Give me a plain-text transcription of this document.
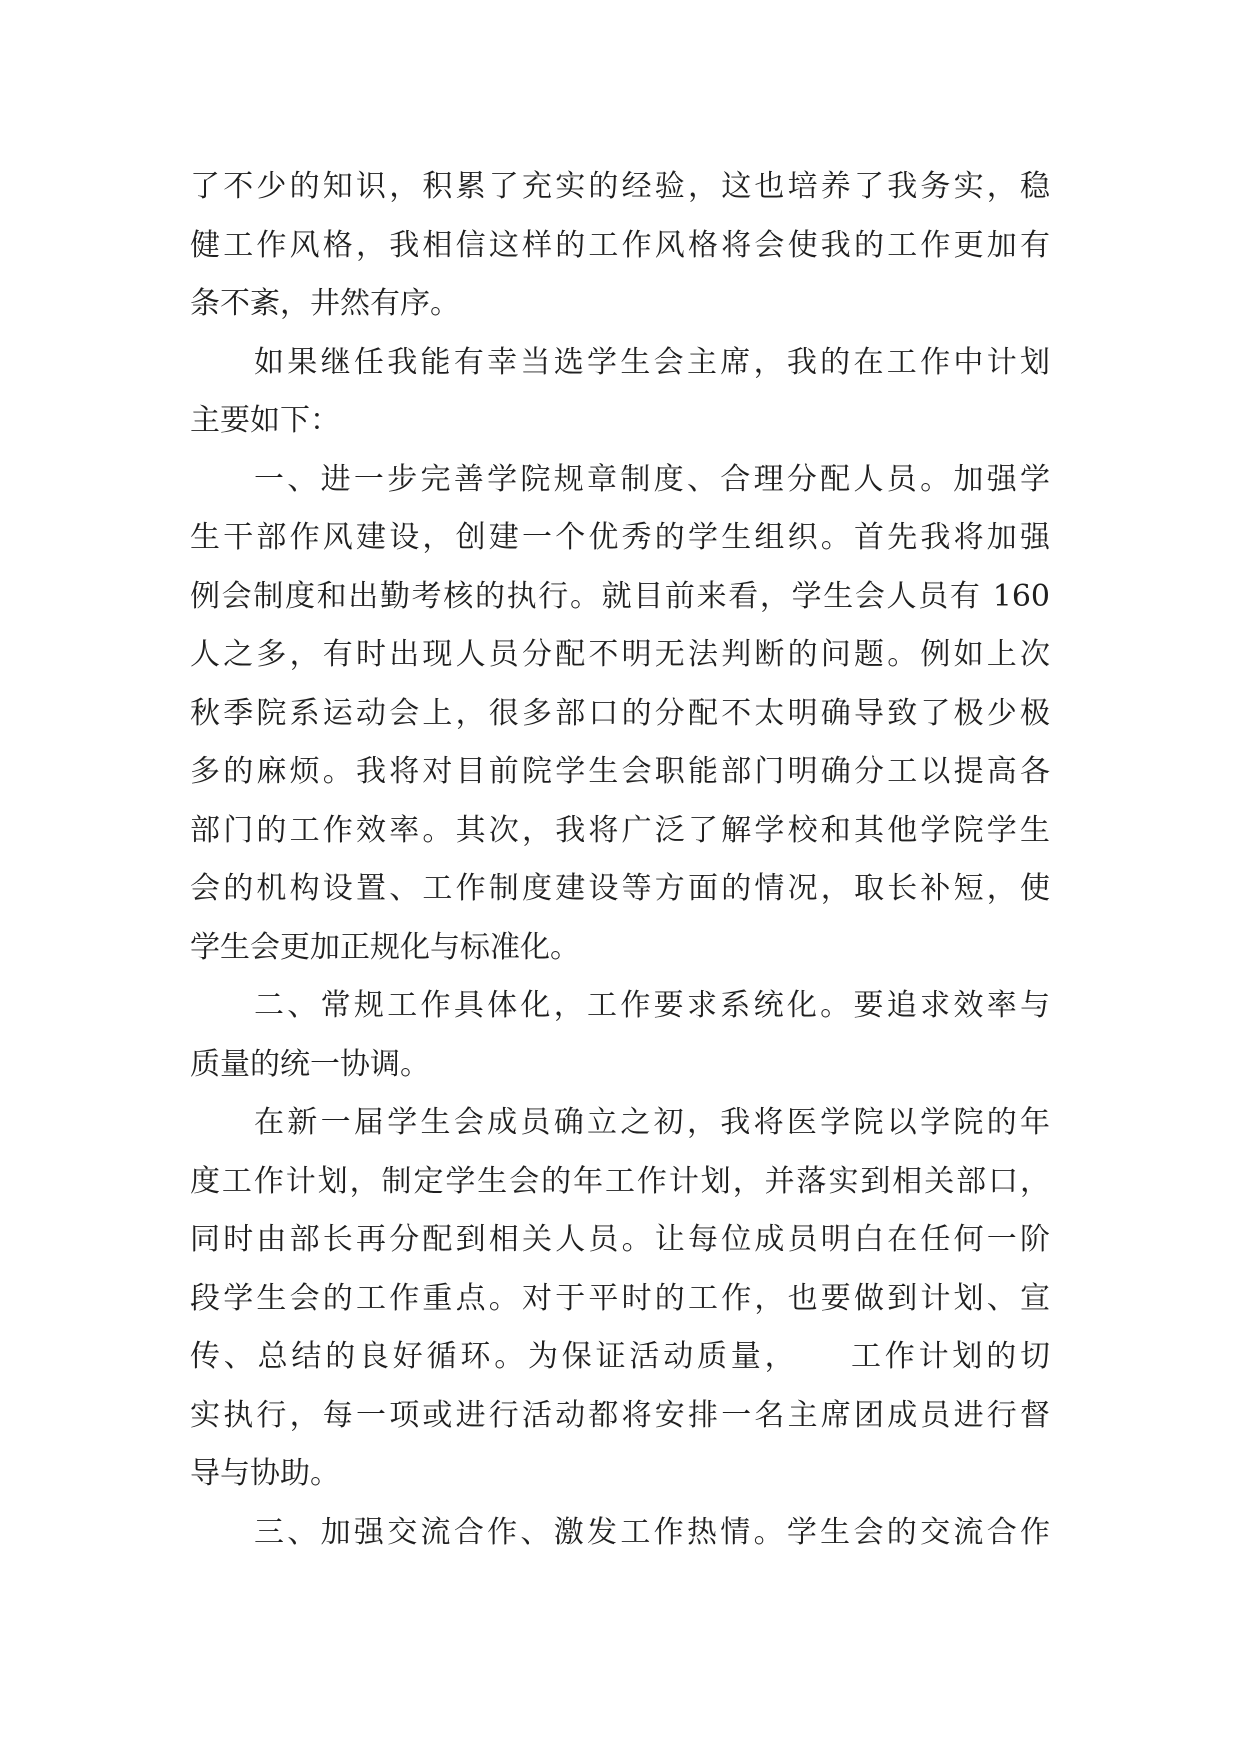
了不少的知识，积累了充实的经验，这也培养了我务实，稳
健工作风格，我相信这样的工作风格将会使我的工作更加有
条不紊，井然有序。
如果继任我能有幸当选学生会主席，我的在工作中计划
主要如下：
一、进一步完善学院规章制度、合理分配人员。加强学
生干部作风建设，创建一个优秀的学生组织。首先我将加强
例会制度和出勤考核的执行。就目前来看，学生会人员有 160
人之多，有时出现人员分配不明无法判断的问题。例如上次
秋季院系运动会上，很多部口的分配不太明确导致了极少极
多的麻烦。我将对目前院学生会职能部门明确分工以提高各
部门的工作效率。其次，我将广泛了解学校和其他学院学生
会的机构设置、工作制度建设等方面的情况，取长补短，使
学生会更加正规化与标准化。
二、常规工作具体化，工作要求系统化。要追求效率与
质量的统一协调。
在新一届学生会成员确立之初，我将医学院以学院的年
度工作计划，制定学生会的年工作计划，并落实到相关部口，
同时由部长再分配到相关人员。让每位成员明白在任何一阶
段学生会的工作重点。对于平时的工作，也要做到计划、宣
传、总结的良好循环。为保证活动质量，　　工作计划的切
实执行，每一项或进行活动都将安排一名主席团成员进行督
导与协助。
三、加强交流合作、激发工作热情。学生会的交流合作
